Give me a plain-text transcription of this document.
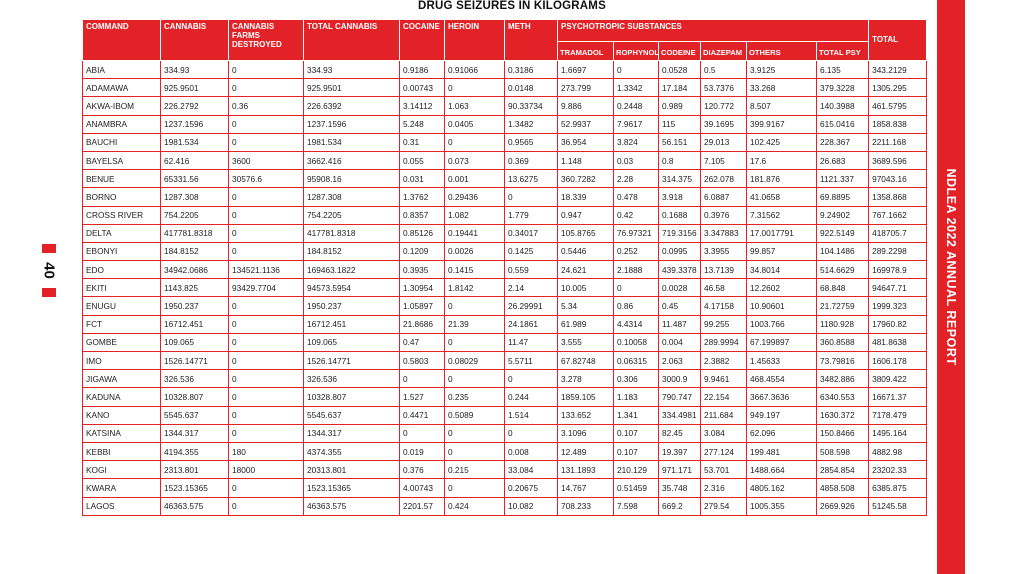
DRUG SEIZURES IN KILOGRAMS
40	NDLEA 2022 ANNUAL REPORT
COMMAND	CANNABIS	CANNABIS FARMS DESTROYED	TOTAL CANNABIS	COCAINE	HEROIN	METH	PSYCHOTROPIC SUBSTANCES						TOTAL
							TRAMADOL	ROPHYNOL	CODEINE	DIAZEPAM	OTHERS	TOTAL PSY	
ABIA	334.93	0	334.93	0.9186	0.91066	0.3186	1.6697	0	0.0528	0.5	3.9125	6.135	343.2129
ADAMAWA	925.9501	0	925.9501	0.00743	0	0.0148	273.799	1.3342	17.184	53.7376	33.268	379.3228	1305.295
AKWA-IBOM	226.2792	0.36	226.6392	3.14112	1.063	90.33734	9.886	0.2448	0.989	120.772	8.507	140.3988	461.5795
ANAMBRA	1237.1596	0	1237.1596	5.248	0.0405	1.3482	52.9937	7.9617	115	39.1695	399.9167	615.0416	1858.838
BAUCHI	1981.534	0	1981.534	0.31	0	0.9565	36.954	3.824	56.151	29.013	102.425	228.367	2211.168
BAYELSA	62.416	3600	3662.416	0.055	0.073	0.369	1.148	0.03	0.8	7.105	17.6	26.683	3689.596
BENUE	65331.56	30576.6	95908.16	0.031	0.001	13.6275	360.7282	2.28	314.375	262.078	181.876	1121.337	97043.16
BORNO	1287.308	0	1287.308	1.3762	0.29436	0	18.339	0.478	3.918	6.0887	41.0658	69.8895	1358.868
CROSS RIVER	754.2205	0	754.2205	0.8357	1.082	1.779	0.947	0.42	0.1688	0.3976	7.31562	9.24902	767.1662
DELTA	417781.8318	0	417781.8318	0.85126	0.19441	0.34017	105.8765	76.97321	719.3156	3.347883	17.0017791	922.5149	418705.7
EBONYI	184.8152	0	184.8152	0.1209	0.0026	0.1425	0.5446	0.252	0.0995	3.3955	99.857	104.1486	289.2298
EDO	34942.0686	134521.1136	169463.1822	0.3935	0.1415	0.559	24.621	2.1888	439.3378	13.7139	34.8014	514.6629	169978.9
EKITI	1143.825	93429.7704	94573.5954	1.30954	1.8142	2.14	10.005	0	0.0028	46.58	12.2602	68.848	94647.71
ENUGU	1950.237	0	1950.237	1.05897	0	26.29991	5.34	0.86	0.45	4.17158	10.90601	21.72759	1999.323
FCT	16712.451	0	16712.451	21.8686	21.39	24.1861	61.989	4.4314	11.487	99.255	1003.766	1180.928	17960.82
GOMBE	109.065	0	109.065	0.47	0	11.47	3.555	0.10058	0.004	289.9994	67.199897	360.8588	481.8638
IMO	1526.14771	0	1526.14771	0.5803	0.08029	5.5711	67.82748	0.06315	2.063	2.3882	1.45633	73.79816	1606.178
JIGAWA	326.536	0	326.536	0	0	0	3.278	0.306	3000.9	9.9461	468.4554	3482.886	3809.422
KADUNA	10328.807	0	10328.807	1.527	0.235	0.244	1859.105	1.183	790.747	22.154	3667.3636	6340.553	16671.37
KANO	5545.637	0	5545.637	0.4471	0.5089	1.514	133.652	1.341	334.4981	211.684	949.197	1630.372	7178.479
KATSINA	1344.317	0	1344.317	0	0	0	3.1096	0.107	82.45	3.084	62.096	150.8466	1495.164
KEBBI	4194.355	180	4374.355	0.019	0	0.008	12.489	0.107	19.397	277.124	199.481	508.598	4882.98
KOGI	2313.801	18000	20313.801	0.376	0.215	33.084	131.1893	210.129	971.171	53.701	1488.664	2854.854	23202.33
KWARA	1523.15365	0	1523.15365	4.00743	0	0.20675	14.767	0.51459	35.748	2.316	4805.162	4858.508	6385.875
LAGOS	46363.575	0	46363.575	2201.57	0.424	10.082	708.233	7.598	669.2	279.54	1005.355	2669.926	51245.58
